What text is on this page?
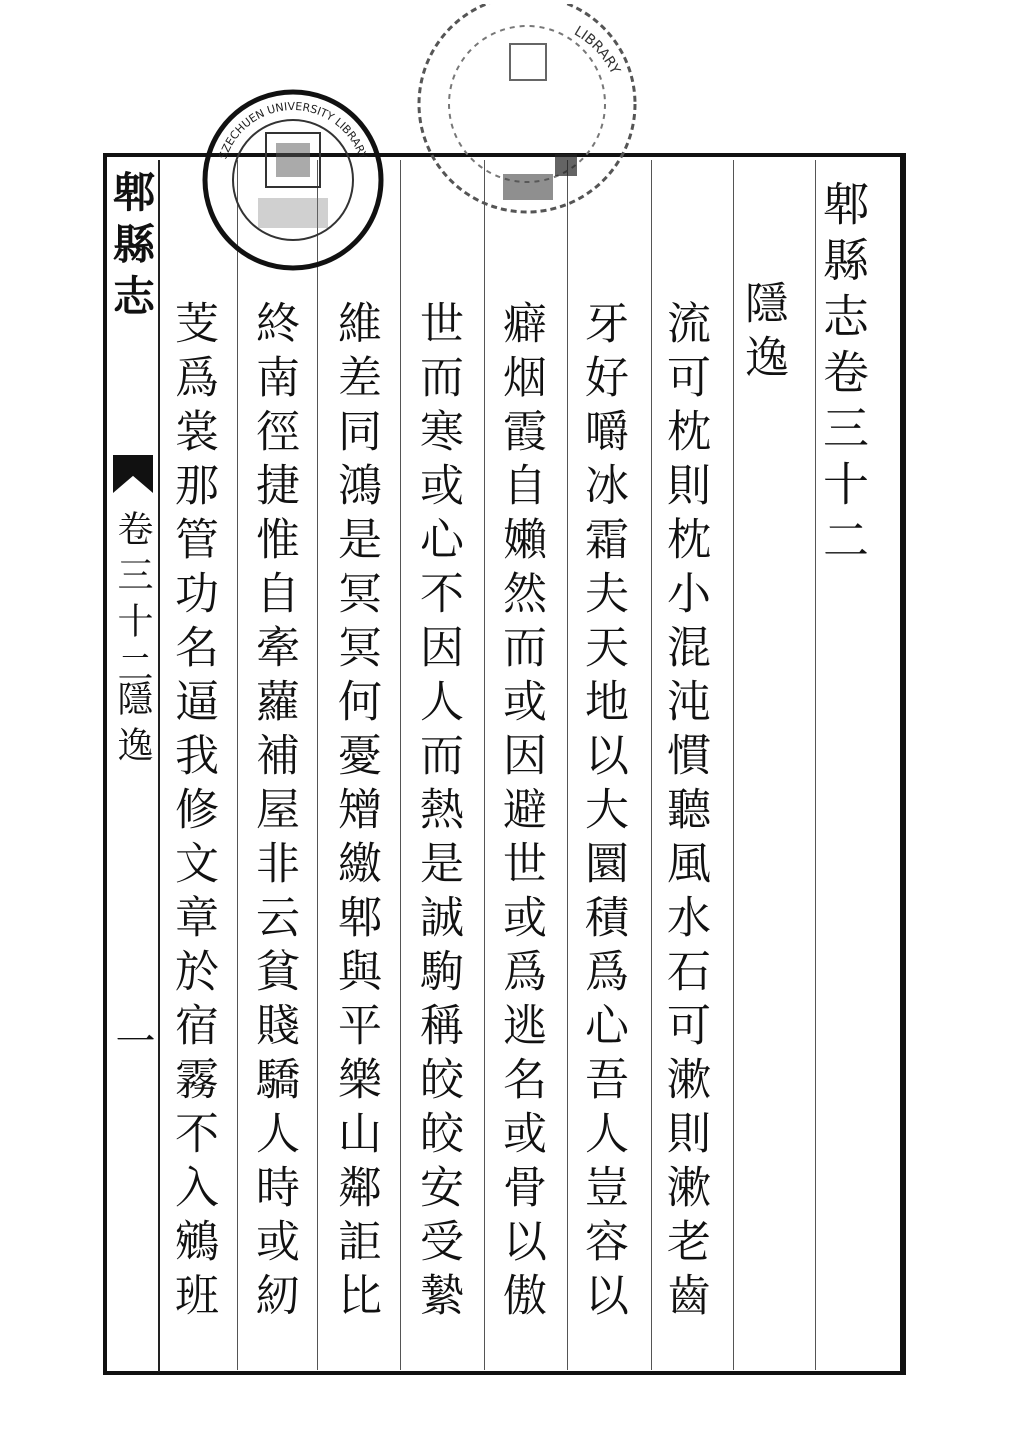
郫縣志卷三十二
隱逸
流可枕則枕小混沌慣聽風水石可漱則漱老齒
牙好嚼冰霜夫天地以大圜積爲心吾人豈容以
癖烟霞自嬾然而或因避世或爲逃名或骨以傲
世而寒或心不因人而熱是誠駒稱皎皎安受縶
維差同鴻是冥冥何憂矰繳郫與平樂山鄰詎比
終南徑捷惟自牽蘿補屋非云貧賤驕人時或紉
芰爲裳那管功名逼我修文章於宿霧不入鵷班
郫縣志
卷三十二
隱逸
一
SZECHUEN UNIVERSITY LIBRARY
LIBRARY
